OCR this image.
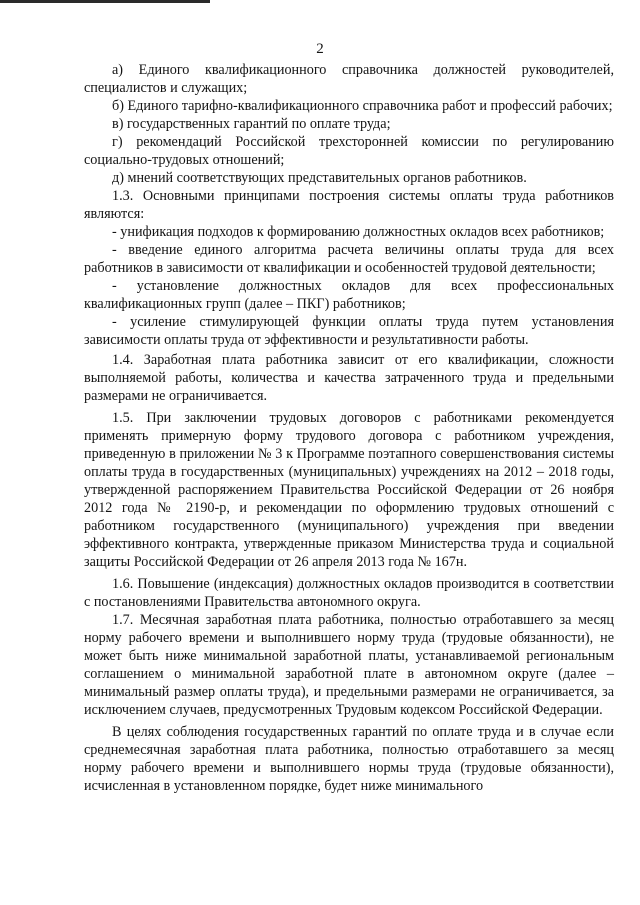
2

а) Единого квалификационного справочника должностей руководителей, специалистов и служащих;

б) Единого тарифно-квалификационного справочника работ и профессий рабочих;

в) государственных гарантий по оплате труда;

г) рекомендаций Российской трехсторонней комиссии по регулированию социально-трудовых отношений;

д) мнений соответствующих представительных органов работников.

1.3. Основными принципами построения системы оплаты труда работников являются:

- унификация подходов к формированию должностных окладов всех работников;

- введение единого алгоритма расчета величины оплаты труда для всех работников в зависимости от квалификации и особенностей трудовой деятельности;

- установление должностных окладов для всех профессиональных квалификационных групп (далее – ПКГ) работников;

- усиление стимулирующей функции оплаты труда путем установления зависимости оплаты труда от эффективности и результативности работы.

1.4. Заработная плата работника зависит от его квалификации, сложности выполняемой работы, количества и качества затраченного труда и предельными размерами не ограничивается.

1.5. При заключении трудовых договоров с работниками рекомендуется применять примерную форму трудового договора с работником учреждения, приведенную в приложении № 3 к Программе поэтапного совершенствования системы оплаты труда в государственных (муниципальных) учреждениях на 2012 – 2018 годы, утвержденной распоряжением Правительства Российской Федерации от 26 ноября 2012 года № 2190-р, и рекомендации по оформлению трудовых отношений с работником государственного (муниципального) учреждения при введении эффективного контракта, утвержденные приказом Министерства труда и социальной защиты Российской Федерации от 26 апреля 2013 года № 167н.

1.6. Повышение (индексация) должностных окладов производится в соответствии с постановлениями Правительства автономного округа.

1.7. Месячная заработная плата работника, полностью отработавшего за месяц норму рабочего времени и выполнившего норму труда (трудовые обязанности), не может быть ниже минимальной заработной платы, устанавливаемой региональным соглашением о минимальной заработной плате в автономном округе (далее – минимальный размер оплаты труда), и предельными размерами не ограничивается, за исключением случаев, предусмотренных Трудовым кодексом Российской Федерации.

В целях соблюдения государственных гарантий по оплате труда и в случае если среднемесячная заработная плата работника, полностью отработавшего за месяц норму рабочего времени и выполнившего нормы труда (трудовые обязанности), исчисленная в установленном порядке, будет ниже минимального
